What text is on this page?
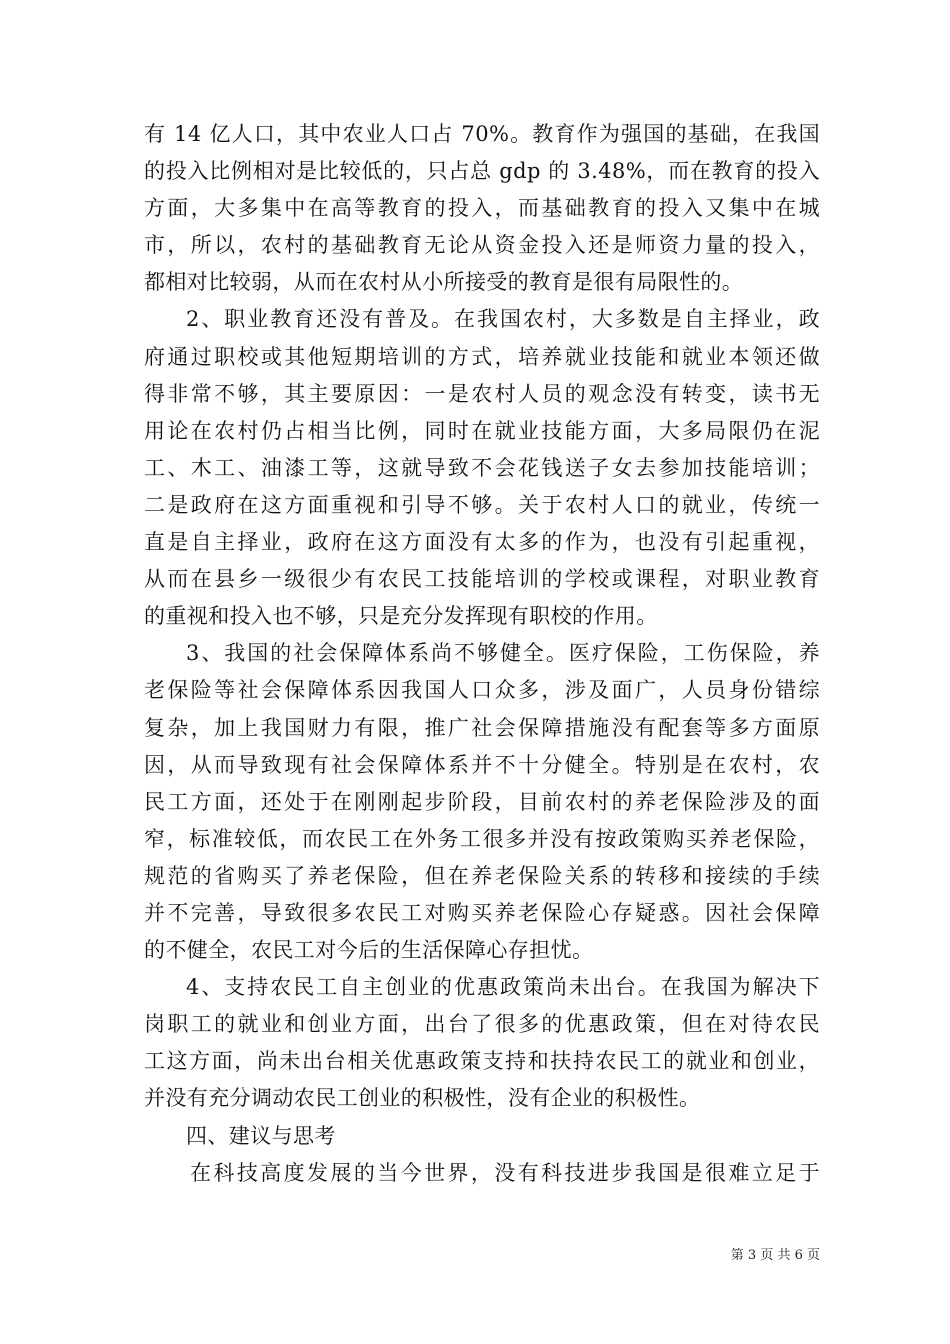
有 14 亿人口，其中农业人口占 70%。教育作为强国的基础，在我国
的投入比例相对是比较低的，只占总 gdp 的 3.48%，而在教育的投入
方面，大多集中在高等教育的投入，而基础教育的投入又集中在城
市，所以，农村的基础教育无论从资金投入还是师资力量的投入，
都相对比较弱，从而在农村从小所接受的教育是很有局限性的。
2、职业教育还没有普及。在我国农村，大多数是自主择业，政
府通过职校或其他短期培训的方式，培养就业技能和就业本领还做
得非常不够，其主要原因：一是农村人员的观念没有转变，读书无
用论在农村仍占相当比例，同时在就业技能方面，大多局限仍在泥
工、木工、油漆工等，这就导致不会花钱送子女去参加技能培训；
二是政府在这方面重视和引导不够。关于农村人口的就业，传统一
直是自主择业，政府在这方面没有太多的作为，也没有引起重视，
从而在县乡一级很少有农民工技能培训的学校或课程，对职业教育
的重视和投入也不够，只是充分发挥现有职校的作用。
3、我国的社会保障体系尚不够健全。医疗保险，工伤保险，养
老保险等社会保障体系因我国人口众多，涉及面广，人员身份错综
复杂，加上我国财力有限，推广社会保障措施没有配套等多方面原
因，从而导致现有社会保障体系并不十分健全。特别是在农村，农
民工方面，还处于在刚刚起步阶段，目前农村的养老保险涉及的面
窄，标准较低，而农民工在外务工很多并没有按政策购买养老保险，
规范的省购买了养老保险，但在养老保险关系的转移和接续的手续
并不完善，导致很多农民工对购买养老保险心存疑惑。因社会保障
的不健全，农民工对今后的生活保障心存担忧。
4、支持农民工自主创业的优惠政策尚未出台。在我国为解决下
岗职工的就业和创业方面，出台了很多的优惠政策，但在对待农民
工这方面，尚未出台相关优惠政策支持和扶持农民工的就业和创业，
并没有充分调动农民工创业的积极性，没有企业的积极性。
四、建议与思考
在科技高度发展的当今世界，没有科技进步我国是很难立足于
第 3 页 共 6 页
